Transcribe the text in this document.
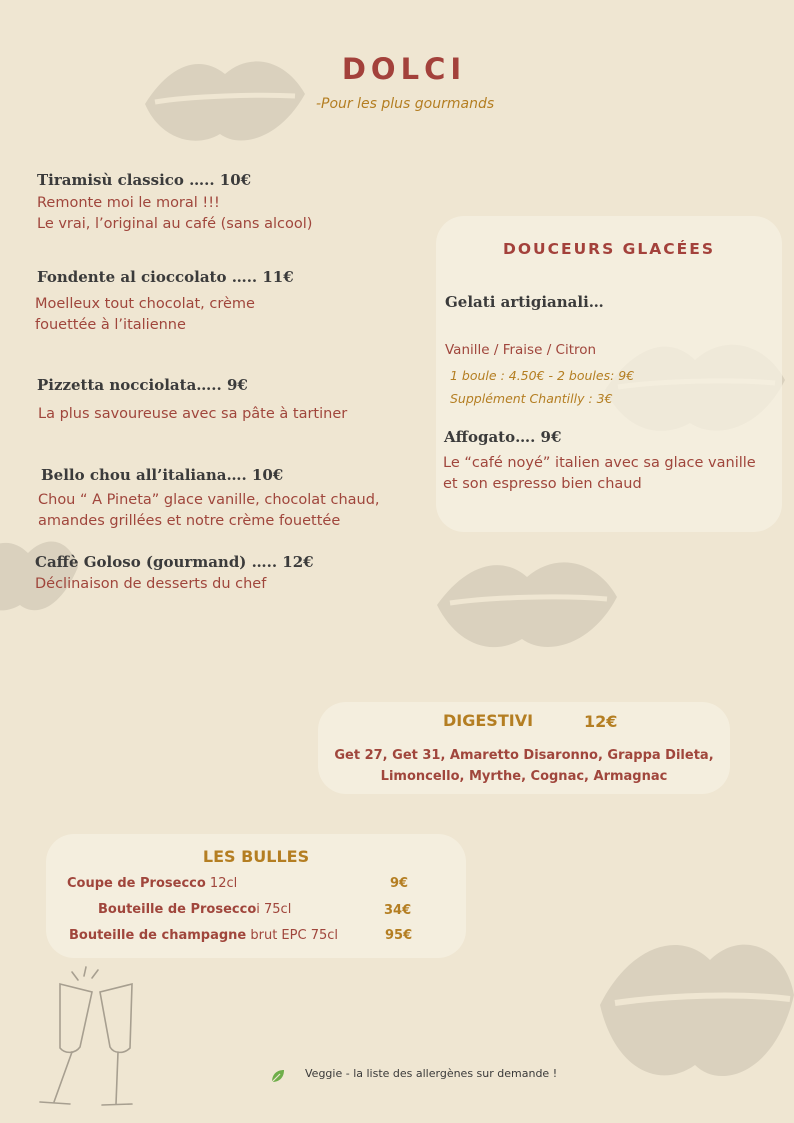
DOLCI
-Pour les plus gourmands
Tiramisù classico ….. 10€
Remonte moi le moral !!!
Le vrai, l’original au café (sans alcool)
Fondente al cioccolato ….. 11€
Moelleux tout chocolat, crème
fouettée à l’italienne
Pizzetta nocciolata….. 9€
La plus savoureuse avec sa pâte à tartiner
Bello chou all’italiana…. 10€
Chou “ A Pineta” glace vanille, chocolat chaud,
amandes grillées et notre crème fouettée
Caffè Goloso (gourmand) ….. 12€
Déclinaison de desserts du chef
DOUCEURS GLACÉES
Gelati artigianali…
Vanille / Fraise / Citron
1 boule : 4.50€ - 2 boules: 9€
Supplément Chantilly : 3€
Affogato…. 9€
Le “café noyé” italien avec sa glace vanille
et son espresso bien chaud
DIGESTIVI	12€
Get 27, Get 31, Amaretto Disaronno, Grappa Dileta,
Limoncello, Myrthe, Cognac, Armagnac
LES BULLES
Coupe de Prosecco 12cl	9€
Bouteille de Proseccoi 75cl	34€
Bouteille de champagne brut EPC 75cl	95€
Veggie - la liste des allergènes sur demande !
